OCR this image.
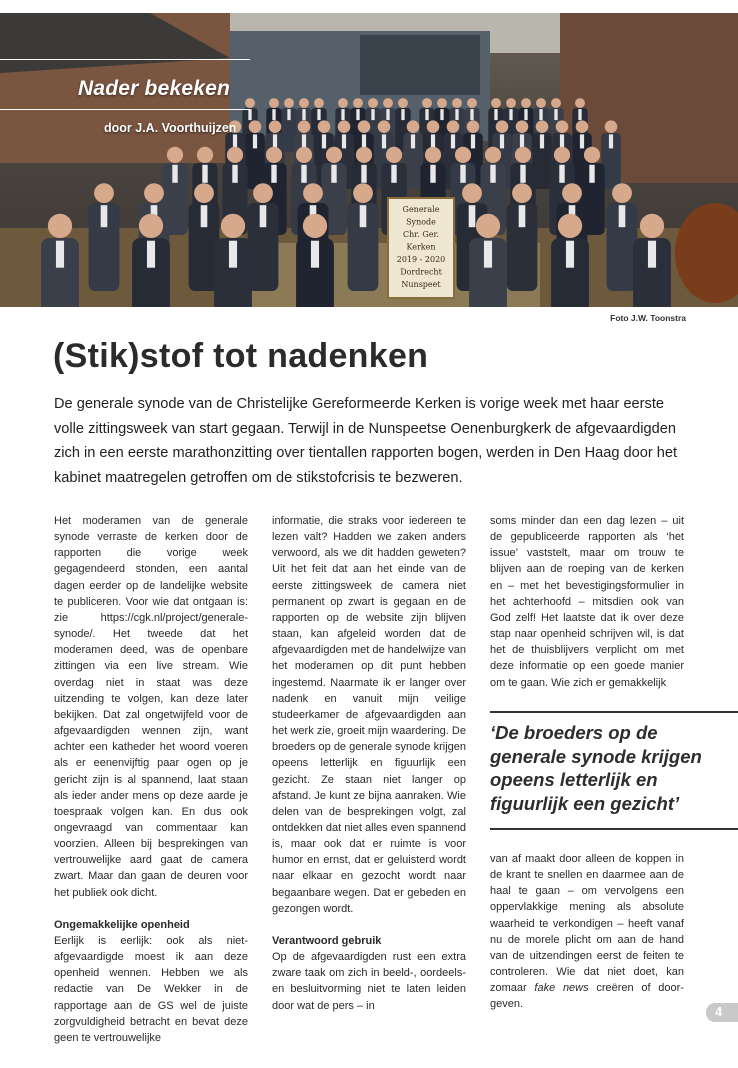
Generale
Synode
Chr. Ger.
Kerken
2019 - 2020
Dordrecht
Nunspeet
Nader bekeken
door J.A. Voorthuijzen
Foto J.W. Toonstra
(Stik)stof tot nadenken

De generale synode van de Christelijke Gereformeerde Kerken is vorige week met haar eerste volle zittingsweek van start gegaan. Terwijl in de Nunspeetse Oenenburgkerk de afgevaardigden zich in een eerste marathonzitting over tientallen rapporten bogen, werden in Den Haag door het kabinet maatregelen getroffen om de stikstofcrisis te bezweren.

Het moderamen van de generale synode verraste de kerken door de rapporten die vorige week gegagendeerd stonden, een aantal dagen eerder op de landelijke website te publiceren. Voor wie dat ontgaan is: zie https://cgk.nl/project/generale-synode/. Het tweede dat het moderamen deed, was de openbare zittingen via een live stream. Wie overdag niet in staat was deze uitzending te volgen, kan deze later bekijken. Dat zal ongetwijfeld voor de afgevaardigden wennen zijn, want achter een katheder het woord voeren als er eenenvijftig paar ogen op je gericht zijn is al spannend, laat staan als ieder ander mens op deze aarde je toespraak volgen kan. En dus ook ongevraagd van commentaar kan voorzien. Alleen bij besprekingen van vertrouwelijke aard gaat de camera zwart. Maar dan gaan de deuren voor het publiek ook dicht.

Ongemakkelijke openheid

Eerlijk is eerlijk: ook als niet-afgevaardigde moest ik aan deze openheid wennen. Hebben we als redactie van De Wekker in de rapportage aan de GS wel de juiste zorgvuldigheid betracht en bevat deze geen te vertrouwelijke

informatie, die straks voor iedereen te lezen valt? Hadden we zaken anders verwoord, als we dit hadden geweten? Uit het feit dat aan het einde van de eerste zittingsweek de camera niet permanent op zwart is gegaan en de rapporten op de website zijn blijven staan, kan afgeleid worden dat de afgevaardigden met de handelwijze van het moderamen op dit punt hebben ingestemd. Naarmate ik er langer over nadenk en vanuit mijn veilige studeerkamer de afgevaardigden aan het werk zie, groeit mijn waardering. De broeders op de generale synode krijgen opeens letterlijk en figuurlijk een gezicht. Ze staan niet langer op afstand. Je kunt ze bijna aanraken. Wie delen van de besprekingen volgt, zal ontdekken dat niet alles even spannend is, maar ook dat er ruimte is voor humor en ernst, dat er geluisterd wordt naar elkaar en gezocht wordt naar begaanbare wegen. Dat er gebeden en gezongen wordt.

Verantwoord gebruik

Op de afgevaardigden rust een extra zware taak om zich in beeld-, oordeels- en besluitvorming niet te laten leiden door wat de pers – in

soms minder dan een dag lezen – uit de gepubliceerde rapporten als ‘het issue’ vaststelt, maar om trouw te blijven aan de roeping van de kerken en – met het bevestigingsformulier in het achterhoofd – mitsdien ook van God zelf! Het laatste dat ik over deze stap naar openheid schrijven wil, is dat het de thuisblijvers verplicht om met deze informatie op een goede manier om te gaan. Wie zich er gemakkelijk

‘De broeders op de generale synode krijgen opeens letterlijk en figuurlijk een gezicht’

van af maakt door alleen de koppen in de krant te snellen en daarmee aan de haal te gaan – om vervolgens een oppervlakkige mening als absolute waarheid te verkondigen – heeft vanaf nu de morele plicht om aan de hand van de uitzendingen eerst de feiten te controleren. Wie dat niet doet, kan zomaar fake news creëren of doorgeven.	4
